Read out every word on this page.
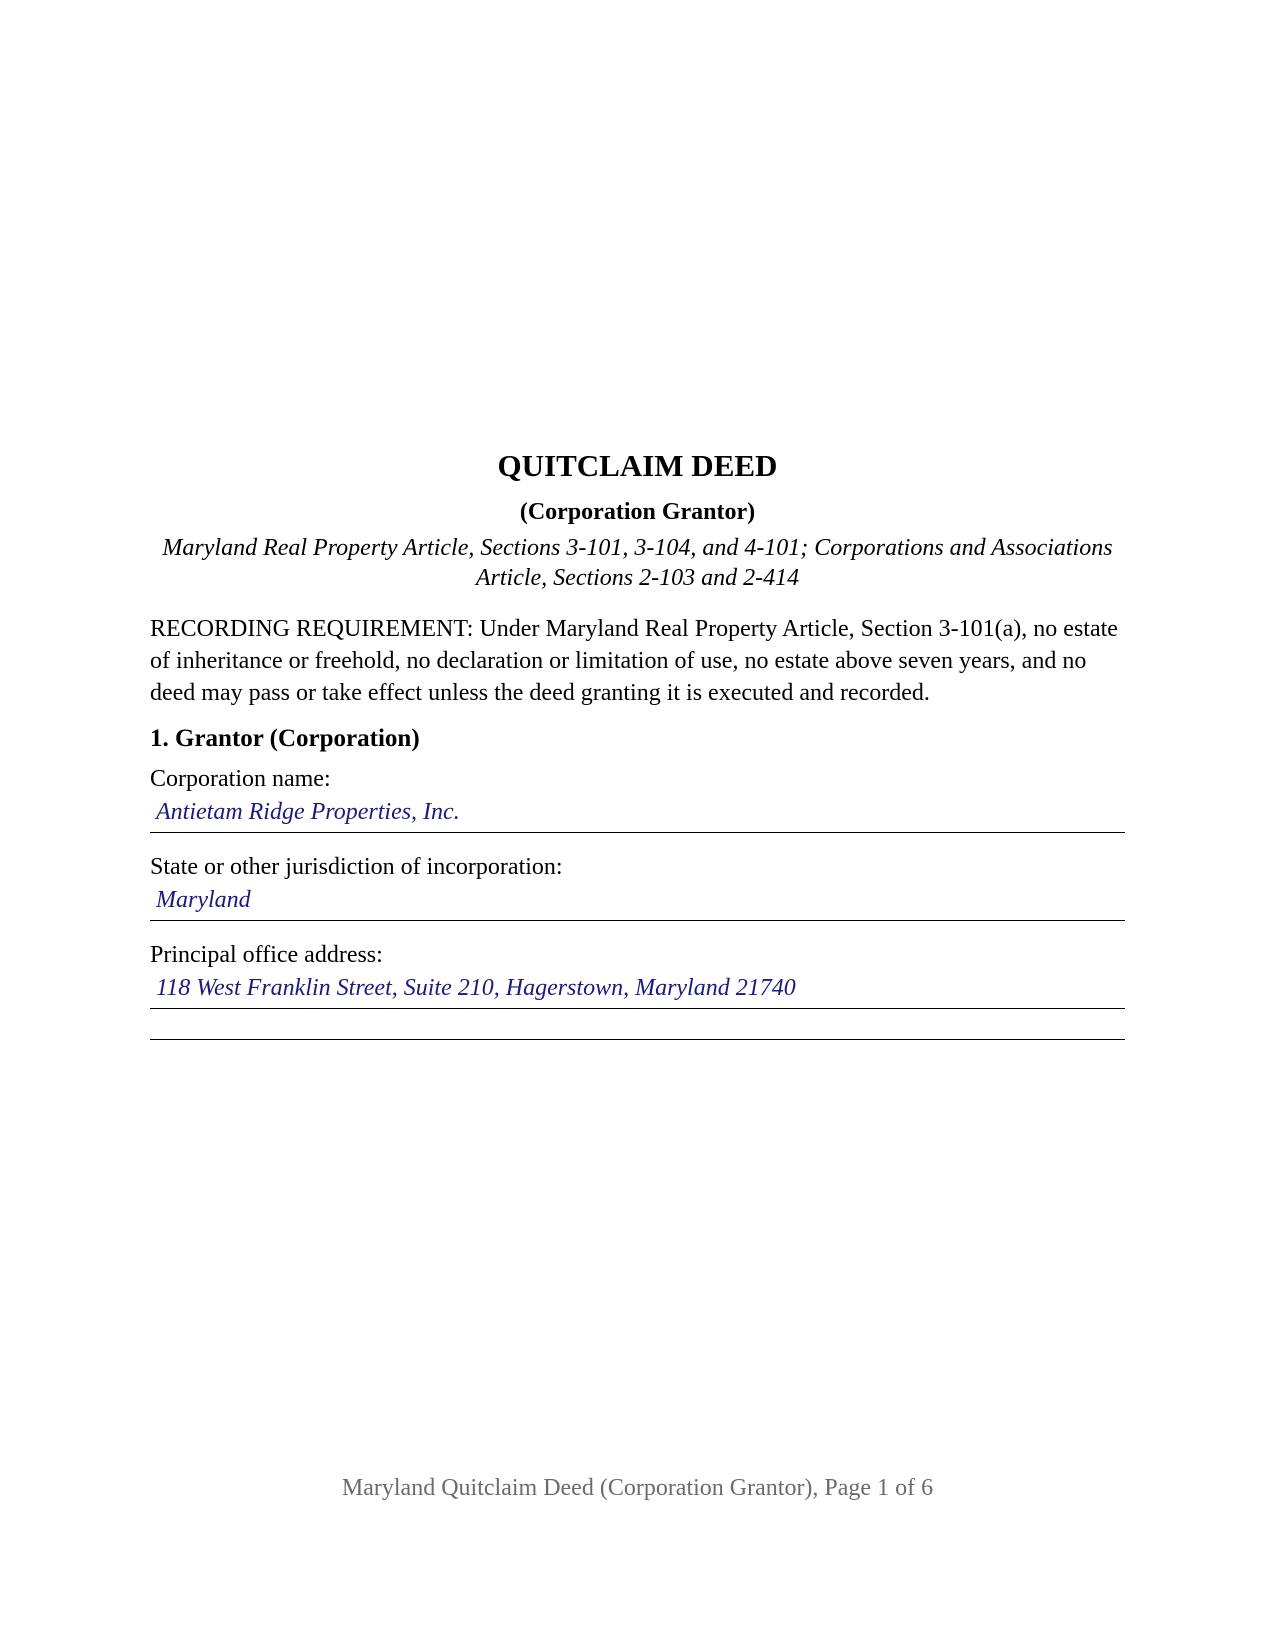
QUITCLAIM DEED
(Corporation Grantor)
Maryland Real Property Article, Sections 3-101, 3-104, and 4-101; Corporations and Associations Article, Sections 2-103 and 2-414

RECORDING REQUIREMENT: Under Maryland Real Property Article, Section 3-101(a), no estate of inheritance or freehold, no declaration or limitation of use, no estate above seven years, and no deed may pass or take effect unless the deed granting it is executed and recorded.

1. Grantor (Corporation)
Corporation name:
Antietam Ridge Properties, Inc.
State or other jurisdiction of incorporation:
Maryland
Principal office address:
118 West Franklin Street, Suite 210, Hagerstown, Maryland 21740
Maryland Quitclaim Deed (Corporation Grantor), Page 1 of 6
